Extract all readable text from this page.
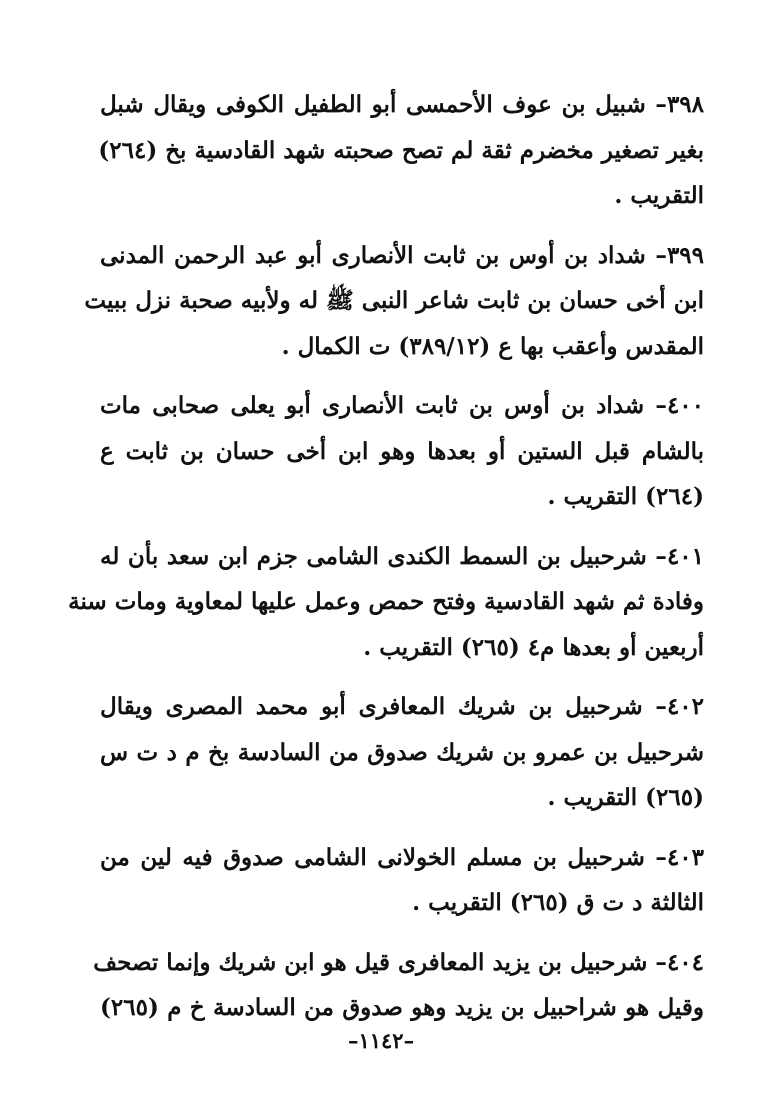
٣٩٨– شبيل بن عوف الأحمسى أبو الطفيل الكوفى ويقال شبل
بغير تصغير مخضرم ثقة لم تصح صحبته شهد القادسية بخ (٢٦٤)
التقريب .
٣٩٩– شداد بن أوس بن ثابت الأنصارى أبو عبد الرحمن المدنى
ابن أخى حسان بن ثابت شاعر النبى ﷺ له ولأبيه صحبة نزل ببيت
المقدس وأعقب بها ع (٣٨٩/١٢) ت الكمال .
٤٠٠– شداد بن أوس بن ثابت الأنصارى أبو يعلى صحابى مات
بالشام قبل الستين أو بعدها وهو ابن أخى حسان بن ثابت ع
(٢٦٤) التقريب .
٤٠١– شرحبيل بن السمط الكندى الشامى جزم ابن سعد بأن له
وفادة ثم شهد القادسية وفتح حمص وعمل عليها لمعاوية ومات سنة
أربعين أو بعدها م٤ (٢٦٥) التقريب .
٤٠٢– شرحبيل بن شريك المعافرى أبو محمد المصرى ويقال
شرحبيل بن عمرو بن شريك صدوق من السادسة بخ م د ت س
(٢٦٥) التقريب .
٤٠٣– شرحبيل بن مسلم الخولانى الشامى صدوق فيه لين من
الثالثة د ت ق (٢٦٥) التقريب .
٤٠٤– شرحبيل بن يزيد المعافرى قيل هو ابن شريك وإنما تصحف
وقيل هو شراحبيل بن يزيد وهو صدوق من السادسة خ م (٢٦٥)
–١١٤٢–
